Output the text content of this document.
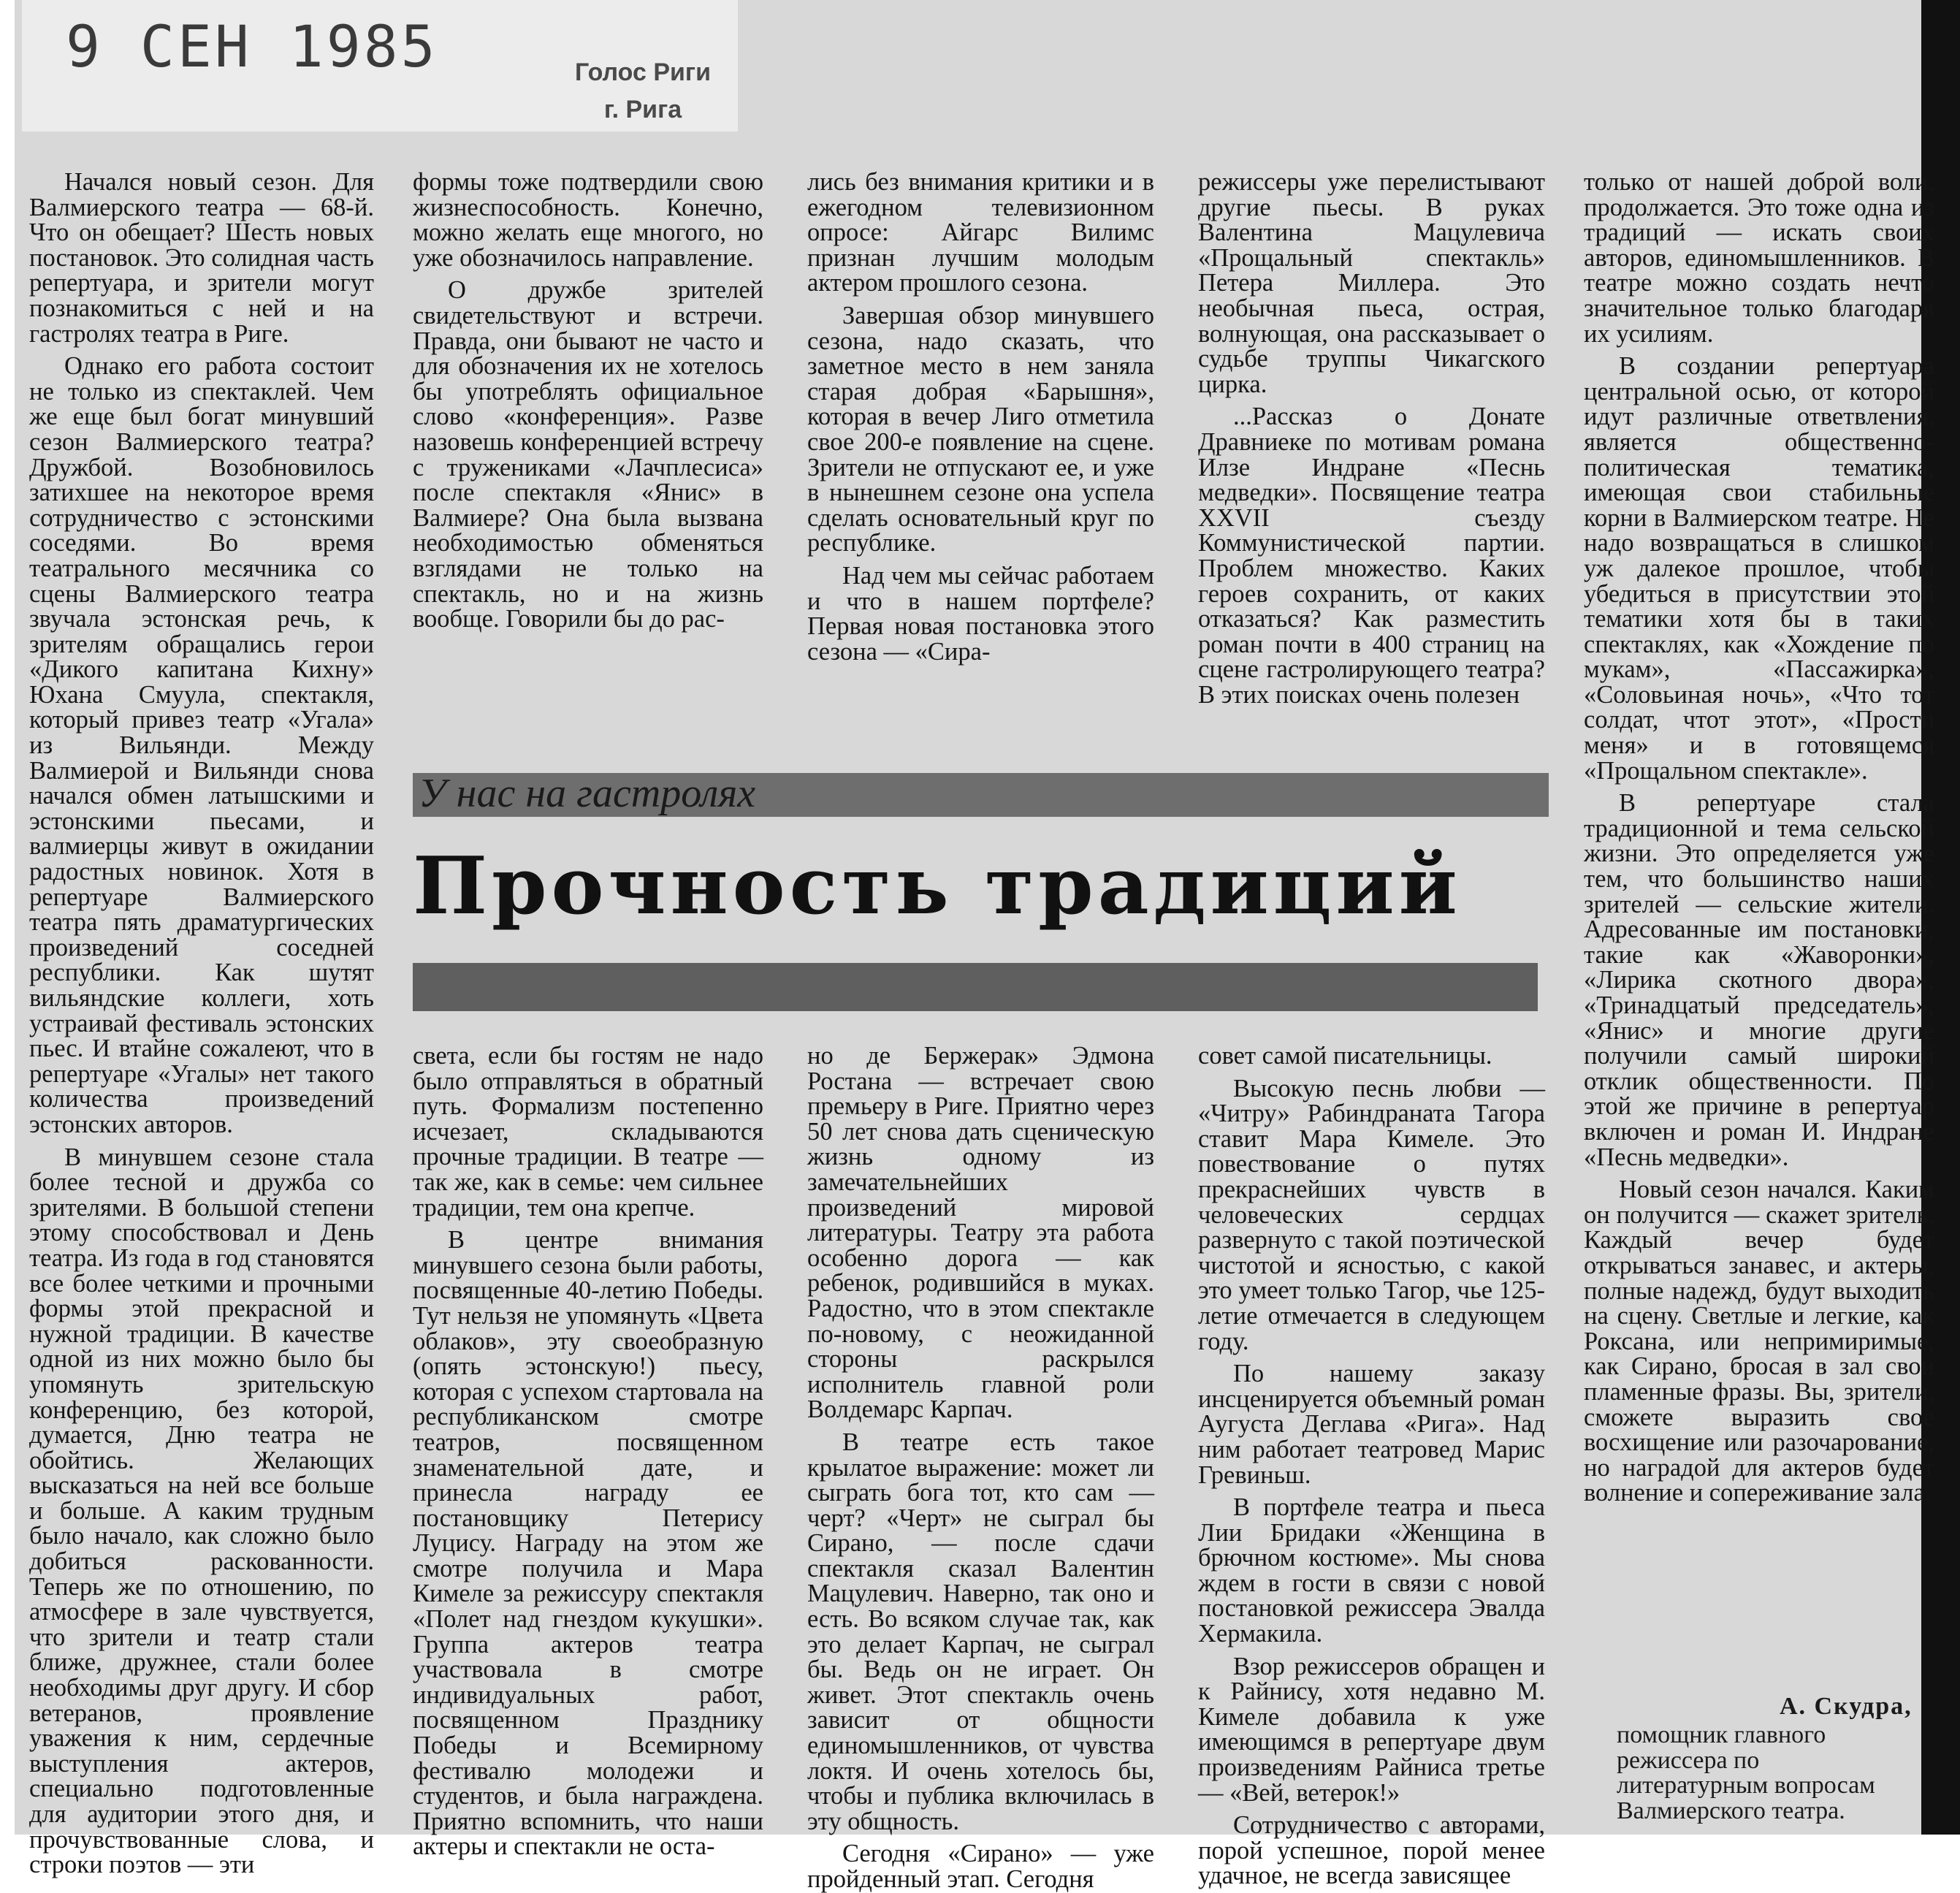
9 СЕН 1985	Голос Риги
г. Рига

Начался новый сезон. Для Валмиерского театра — 68-й. Что он обещает? Шесть новых постановок. Это солидная часть репертуара, и зрители могут познакомиться с ней и на гастролях театра в Риге.

Однако его работа состоит не только из спектаклей. Чем же еще был богат минувший сезон Валмиерского театра? Дружбой. Возобновилось затихшее на некоторое время сотрудничество с эстонскими соседями. Во время театрального месячника со сцены Валмиерского театра звучала эстонская речь, к зрителям обращались герои «Дикого капитана Кихну» Юхана Смуула, спектакля, который привез театр «Угала» из Вильянди. Между Валмиерой и Вильянди снова начался обмен латышскими и эстонскими пьесами, и валмиерцы живут в ожидании радостных новинок. Хотя в репертуаре Валмиерского театра пять драматургических произведений соседней республики. Как шутят вильяндские коллеги, хоть устраивай фестиваль эстонских пьес. И втайне сожалеют, что в репертуаре «Угалы» нет такого количества произведений эстонских авторов.

В минувшем сезоне стала более тесной и дружба со зрителями. В большой степени этому способствовал и День театра. Из года в год становятся все более четкими и прочными формы этой прекрасной и нужной традиции. В качестве одной из них можно было бы упомянуть зрительскую конференцию, без которой, думается, Дню театра не обойтись. Желающих высказаться на ней все больше и больше. А каким трудным было начало, как сложно было добиться раскованности. Теперь же по отношению, по атмосфере в зале чувствуется, что зрители и театр стали ближе, дружнее, стали более необходимы друг другу. И сбор ветеранов, проявление уважения к ним, сердечные выступления актеров, специально подготовленные для аудитории этого дня, и прочувствованные слова, и строки поэтов — эти

формы тоже подтвердили свою жизнеспособность. Конечно, можно желать еще многого, но уже обозначилось направление.

О дружбе зрителей свидетельствуют и встречи. Правда, они бывают не часто и для обозначения их не хотелось бы употреблять официальное слово «конференция». Разве назовешь конференцией встречу с тружениками «Лачплесиса» после спектакля «Янис» в Валмиере? Она была вызвана необходимостью обменяться взглядами не только на спектакль, но и на жизнь вообще. Говорили бы до рас-

лись без внимания критики и в ежегодном телевизионном опросе: Айгарс Вилимс признан лучшим молодым актером прошлого сезона.

Завершая обзор минувшего сезона, надо сказать, что заметное место в нем заняла старая добрая «Барышня», которая в вечер Лиго отметила свое 200-е появление на сцене. Зрители не отпускают ее, и уже в нынешнем сезоне она успела сделать основательный круг по республике.

Над чем мы сейчас работаем и что в нашем портфеле? Первая новая постановка этого сезона — «Сира-

режиссеры уже перелистывают другие пьесы. В руках Валентина Мацулевича «Прощальный спектакль» Петера Миллера. Это необычная пьеса, острая, волнующая, она рассказывает о судьбе труппы Чикагского цирка.

...Рассказ о Донате Дравниеке по мотивам романа Илзе Индране «Песнь медведки». Посвящение театра XXVII съезду Коммунистической партии. Проблем множество. Каких героев сохранить, от каких отказаться? Как разместить роман почти в 400 страниц на сцене гастролирующего театра? В этих поисках очень полезен

только от нашей доброй воли, продолжается. Это тоже одна из традиций — искать своих авторов, единомышленников. В театре можно создать нечто значительное только благодаря их усилиям.

В создании репертуара центральной осью, от которой идут различные ответвления, является общественно-политическая тематика, имеющая свои стабильные корни в Валмиерском театре. Не надо возвращаться в слишком уж далекое прошлое, чтобы убедиться в присутствии этой тематики хотя бы в таких спектаклях, как «Хождение по мукам», «Пассажирка», «Соловьиная ночь», «Что тот солдат, чтот этот», «Прости меня» и в готовящемся «Прощальном спектакле».

В репертуаре стала традиционной и тема сельской жизни. Это определяется уже тем, что большинство наших зрителей — сельские жители. Адресованные им постановки, такие как «Жаворонки», «Лирика скотного двора», «Тринадцатый председатель», «Янис» и многие другие получили самый широкий отклик общественности. По этой же причине в репертуар включен и роман И. Индране «Песнь медведки».

Новый сезон начался. Каким он получится — скажет зритель. Каждый вечер будет открываться занавес, и актеры, полные надежд, будут выходить на сцену. Светлые и легкие, как Роксана, или непримиримые, как Сирано, бросая в зал свои пламенные фразы. Вы, зрители, сможете выразить свое восхищение или разочарование, но наградой для актеров будет волнение и сопереживание зала.

У нас на гастролях
Прочность традиций

света, если бы гостям не надо было отправляться в обратный путь. Формализм постепенно исчезает, складываются прочные традиции. В театре — так же, как в семье: чем сильнее традиции, тем она крепче.

В центре внимания минувшего сезона были работы, посвященные 40-летию Победы. Тут нельзя не упомянуть «Цвета облаков», эту своеобразную (опять эстонскую!) пьесу, которая с успехом стартовала на республиканском смотре театров, посвященном знаменательной дате, и принесла награду ее постановщику Петерису Луцису. Награду на этом же смотре получила и Мара Кимеле за режиссуру спектакля «Полет над гнездом кукушки». Группа актеров театра участвовала в смотре индивидуальных работ, посвященном Празднику Победы и Всемирному фестивалю молодежи и студентов, и была награждена. Приятно вспомнить, что наши актеры и спектакли не оста-

но де Бержерак» Эдмона Ростана — встречает свою премьеру в Риге. Приятно через 50 лет снова дать сценическую жизнь одному из замечательнейших произведений мировой литературы. Театру эта работа особенно дорога — как ребенок, родившийся в муках. Радостно, что в этом спектакле по-новому, с неожиданной стороны раскрылся исполнитель главной роли Волдемарс Карпач.

В театре есть такое крылатое выражение: может ли сыграть бога тот, кто сам — черт? «Черт» не сыграл бы Сирано, — после сдачи спектакля сказал Валентин Мацулевич. Наверно, так оно и есть. Во всяком случае так, как это делает Карпач, не сыграл бы. Ведь он не играет. Он живет. Этот спектакль очень зависит от общности единомышленников, от чувства локтя. И очень хотелось бы, чтобы и публика включилась в эту общность.

Сегодня «Сирано» — уже пройденный этап. Сегодня

совет самой писательницы.

Высокую песнь любви — «Читру» Рабиндраната Тагора ставит Мара Кимеле. Это повествование о путях прекраснейших чувств в человеческих сердцах развернуто с такой поэтической чистотой и ясностью, с какой это умеет только Тагор, чье 125-летие отмечается в следующем году.

По нашему заказу инсценируется объемный роман Аугуста Деглава «Рига». Над ним работает театровед Марис Гревиньш.

В портфеле театра и пьеса Лии Бридаки «Женщина в брючном костюме». Мы снова ждем в гости в связи с новой постановкой режиссера Эвалда Хермакила.

Взор режиссеров обращен и к Райнису, хотя недавно М. Кимеле добавила к уже имеющимся в репертуаре двум произведениям Райниса третье — «Вей, ветерок!»

Сотрудничество с авторами, порой успешное, порой менее удачное, не всегда зависящее

А. Скудра,
помощник главного режиссера по литературным вопросам Валмиерского театра.
